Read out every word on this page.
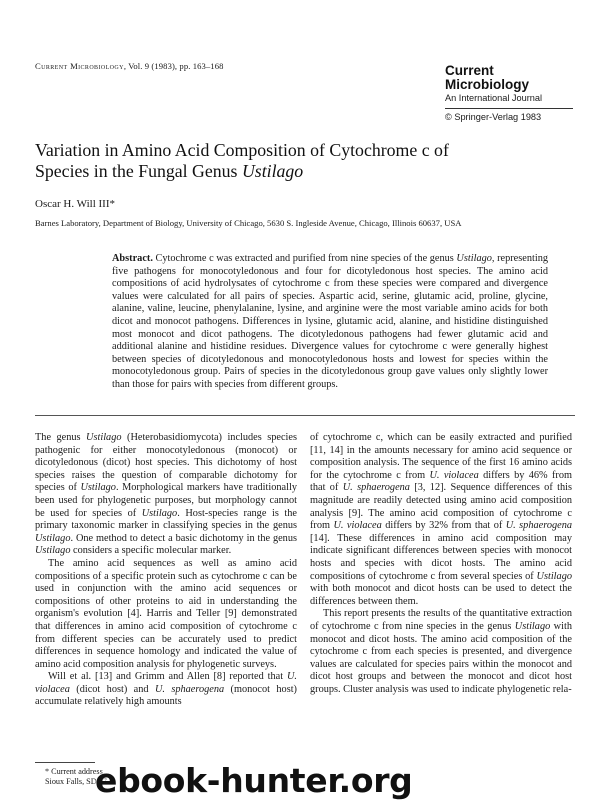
Current Microbiology, Vol. 9 (1983), pp. 163–168	Current
Microbiology
An International Journal
© Springer-Verlag 1983
Variation in Amino Acid Composition of Cytochrome c of
Species in the Fungal Genus Ustilago
Oscar H. Will III*
Barnes Laboratory, Department of Biology, University of Chicago, 5630 S. Ingleside Avenue, Chicago, Illinois 60637, USA
Abstract. Cytochrome c was extracted and purified from nine species of the genus Ustilago, representing five pathogens for monocotyledonous and four for dicotyledonous host species. The amino acid compositions of acid hydrolysates of cytochrome c from these species were compared and divergence values were calculated for all pairs of species. Aspartic acid, serine, glutamic acid, proline, glycine, alanine, valine, leucine, phenylalanine, lysine, and arginine were the most variable amino acids for both dicot and monocot pathogens. Differences in lysine, glutamic acid, alanine, and histidine distinguished most monocot and dicot pathogens. The dicotyledonous pathogens had fewer glutamic acid and additional alanine and histidine residues. Divergence values for cytochrome c were generally highest between species of dicotyledonous and monocotyledonous hosts and lowest for species within the monocotyledonous group. Pairs of species in the dicotyledonous group gave values only slightly lower than those for pairs with species from different groups.

The genus Ustilago (Heterobasidiomycota) includes species pathogenic for either monocotyledonous (monocot) or dicotyledonous (dicot) host species. This dichotomy of host species raises the question of comparable dichotomy for species of Ustilago. Morphological markers have traditionally been used for phylogenetic purposes, but morphology cannot be used for species of Ustilago. Host-species range is the primary taxonomic marker in classifying species in the genus Ustilago. One method to detect a basic dichotomy in the genus Ustilago considers a specific molecular marker.

The amino acid sequences as well as amino acid compositions of a specific protein such as cytochrome c can be used in conjunction with the amino acid sequences or compositions of other proteins to aid in understanding the organism's evolution [4]. Harris and Teller [9] demonstrated that differences in amino acid composition of cytochrome c from different species can be accurately used to predict differences in sequence homology and indicated the value of amino acid composition analysis for phylogenetic surveys.

Will et al. [13] and Grimm and Allen [8] reported that U. violacea (dicot host) and U. sphaerogena (monocot host) accumulate relatively high amounts

of cytochrome c, which can be easily extracted and purified [11, 14] in the amounts necessary for amino acid sequence or composition analysis. The sequence of the first 16 amino acids for the cytochrome c from U. violacea differs by 46% from that of U. sphaerogena [3, 12]. Sequence differences of this magnitude are readily detected using amino acid composition analysis [9]. The amino acid composition of cytochrome c from U. violacea differs by 32% from that of U. sphaerogena [14]. These differences in amino acid composition may indicate significant differences between species with monocot hosts and species with dicot hosts. The amino acid compositions of cytochrome c from several species of Ustilago with both monocot and dicot hosts can be used to detect the differences between them.

This report presents the results of the quantitative extraction of cytochrome c from nine species in the genus Ustilago with monocot and dicot hosts. The amino acid composition of the cytochrome c from each species is presented, and divergence values are calculated for species pairs within the monocot and dicot host groups and between the monocot and dicot host groups. Cluster analysis was used to indicate phylogenetic rela-

* Current address
Sioux Falls, SD 57
ebook-hunter.org
